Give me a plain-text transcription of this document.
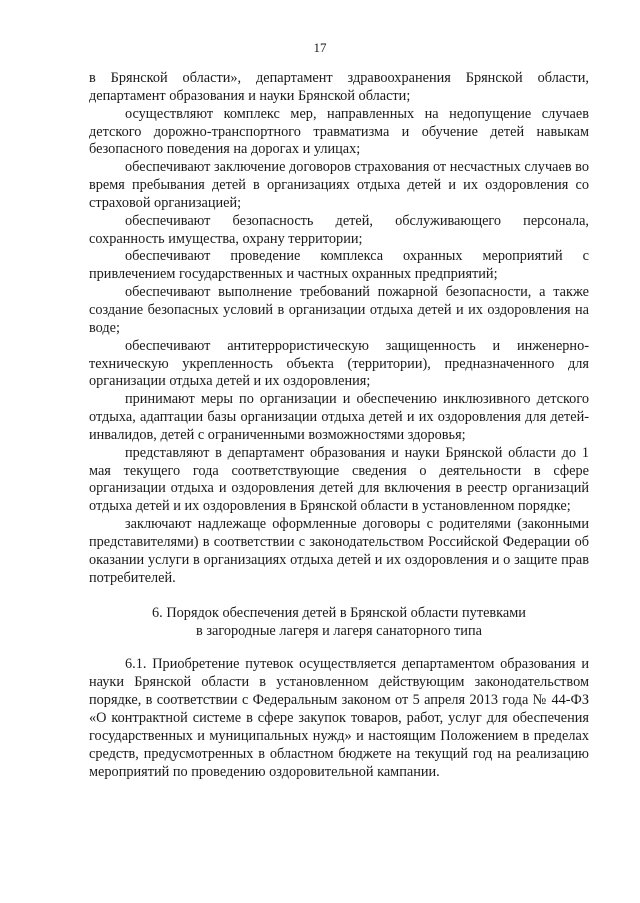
17

в Брянской области», департамент здравоохранения Брянской области, департамент образования и науки Брянской области;

осуществляют комплекс мер, направленных на недопущение случаев детского дорожно-транспортного травматизма и обучение детей навыкам безопасного поведения на дорогах и улицах;

обеспечивают заключение договоров страхования от несчастных случаев во время пребывания детей в организациях отдыха детей и их оздоровления со страховой организацией;

обеспечивают безопасность детей, обслуживающего персонала, сохранность имущества, охрану территории;

обеспечивают проведение комплекса охранных мероприятий с привлечением государственных и частных охранных предприятий;

обеспечивают выполнение требований пожарной безопасности, а также создание безопасных условий в организации отдыха детей и их оздоровления на воде;

обеспечивают антитеррористическую защищенность и инженерно-техническую укрепленность объекта (территории), предназначенного для организации отдыха детей и их оздоровления;

принимают меры по организации и обеспечению инклюзивного детского отдыха, адаптации базы организации отдыха детей и их оздоровления для детей-инвалидов, детей с ограниченными возможностями здоровья;

представляют в департамент образования и науки Брянской области до 1 мая текущего года соответствующие сведения о деятельности в сфере организации отдыха и оздоровления детей для включения в реестр организаций отдыха детей и их оздоровления в Брянской области в установленном порядке;

заключают надлежаще оформленные договоры с родителями (законными представителями) в соответствии с законодательством Российской Федерации об оказании услуги в организациях отдыха детей и их оздоровления и о защите прав потребителей.

6. Порядок обеспечения детей в Брянской области путевками
в загородные лагеря и лагеря санаторного типа

6.1. Приобретение путевок осуществляется департаментом образования и науки Брянской области в установленном действующим законодательством порядке, в соответствии с Федеральным законом от 5 апреля 2013 года № 44-ФЗ «О контрактной системе в сфере закупок товаров, работ, услуг для обеспечения государственных и муниципальных нужд» и настоящим Положением в пределах средств, предусмотренных в областном бюджете на текущий год на реализацию мероприятий по проведению оздоровительной кампании.
